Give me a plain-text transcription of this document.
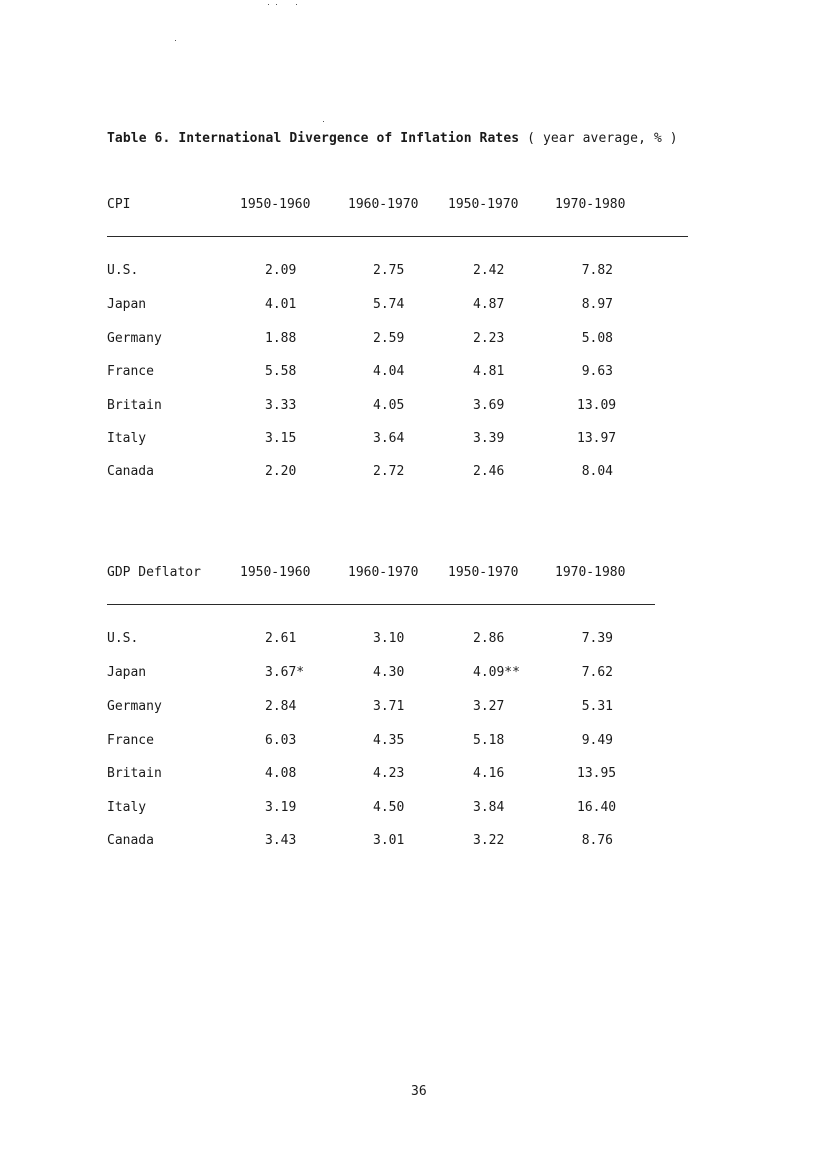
Table 6. International Divergence of Inflation Rates ( year average, % )
CPI	1950-1960	1960-1970 1950-1970	1970-1980
U.S.	2.09	2.75	2.42	7.82
Japan	4.01	5.74	4.87	8.97
Germany	1.88	2.59	2.23	5.08
France	5.58	4.04	4.81	9.63
Britain	3.33	4.05	3.69	13.09
Italy	3.15	3.64	3.39	13.97
Canada	2.20	2.72	2.46	8.04
GDP Deflator	1950-1960	1960-1970 1950-1970	1970-1980
U.S.	2.61	3.10	2.86	7.39
Japan	3.67*	4.30	4.09**	7.62
Germany	2.84	3.71	3.27	5.31
France	6.03	4.35	5.18	9.49
Britain	4.08	4.23	4.16	13.95
Italy	3.19	4.50	3.84	16.40
Canada	3.43	3.01	3.22	8.76
36
